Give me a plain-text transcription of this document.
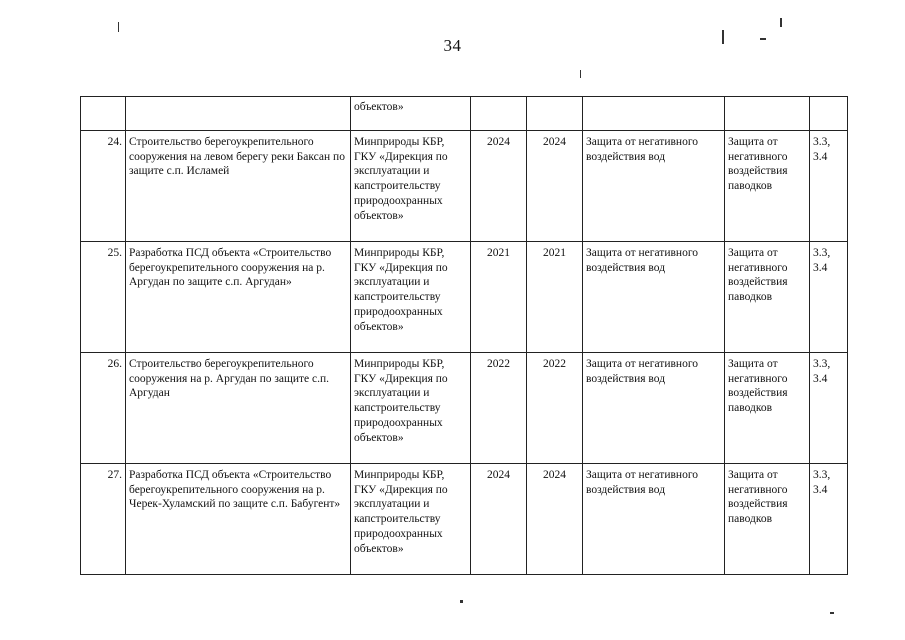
34
		объектов»					
24.	Строительство берегоукрепительного сооружения на левом берегу реки Баксан по защите с.п. Исламей	Минприроды КБР, ГКУ «Дирекция по эксплуатации и капстроительству природоохранных объектов»	2024	2024	Защита от негативного воздействия вод	Защита от негативного воздействия паводков	3.3, 3.4
25.	Разработка ПСД объекта «Строительство берегоукрепительного сооружения на р. Аргудан по защите с.п. Аргудан»	Минприроды КБР, ГКУ «Дирекция по эксплуатации и капстроительству природоохранных объектов»	2021	2021	Защита от негативного воздействия вод	Защита от негативного воздействия паводков	3.3, 3.4
26.	Строительство берегоукрепительного сооружения на р. Аргудан по защите с.п. Аргудан	Минприроды КБР, ГКУ «Дирекция по эксплуатации и капстроительству природоохранных объектов»	2022	2022	Защита от негативного воздействия вод	Защита от негативного воздействия паводков	3.3, 3.4
27.	Разработка ПСД объекта «Строительство берегоукрепительного сооружения на р. Черек-Хуламский по защите с.п. Бабугент»	Минприроды КБР, ГКУ «Дирекция по эксплуатации и капстроительству природоохранных объектов»	2024	2024	Защита от негативного воздействия вод	Защита от негативного воздействия паводков	3.3, 3.4
